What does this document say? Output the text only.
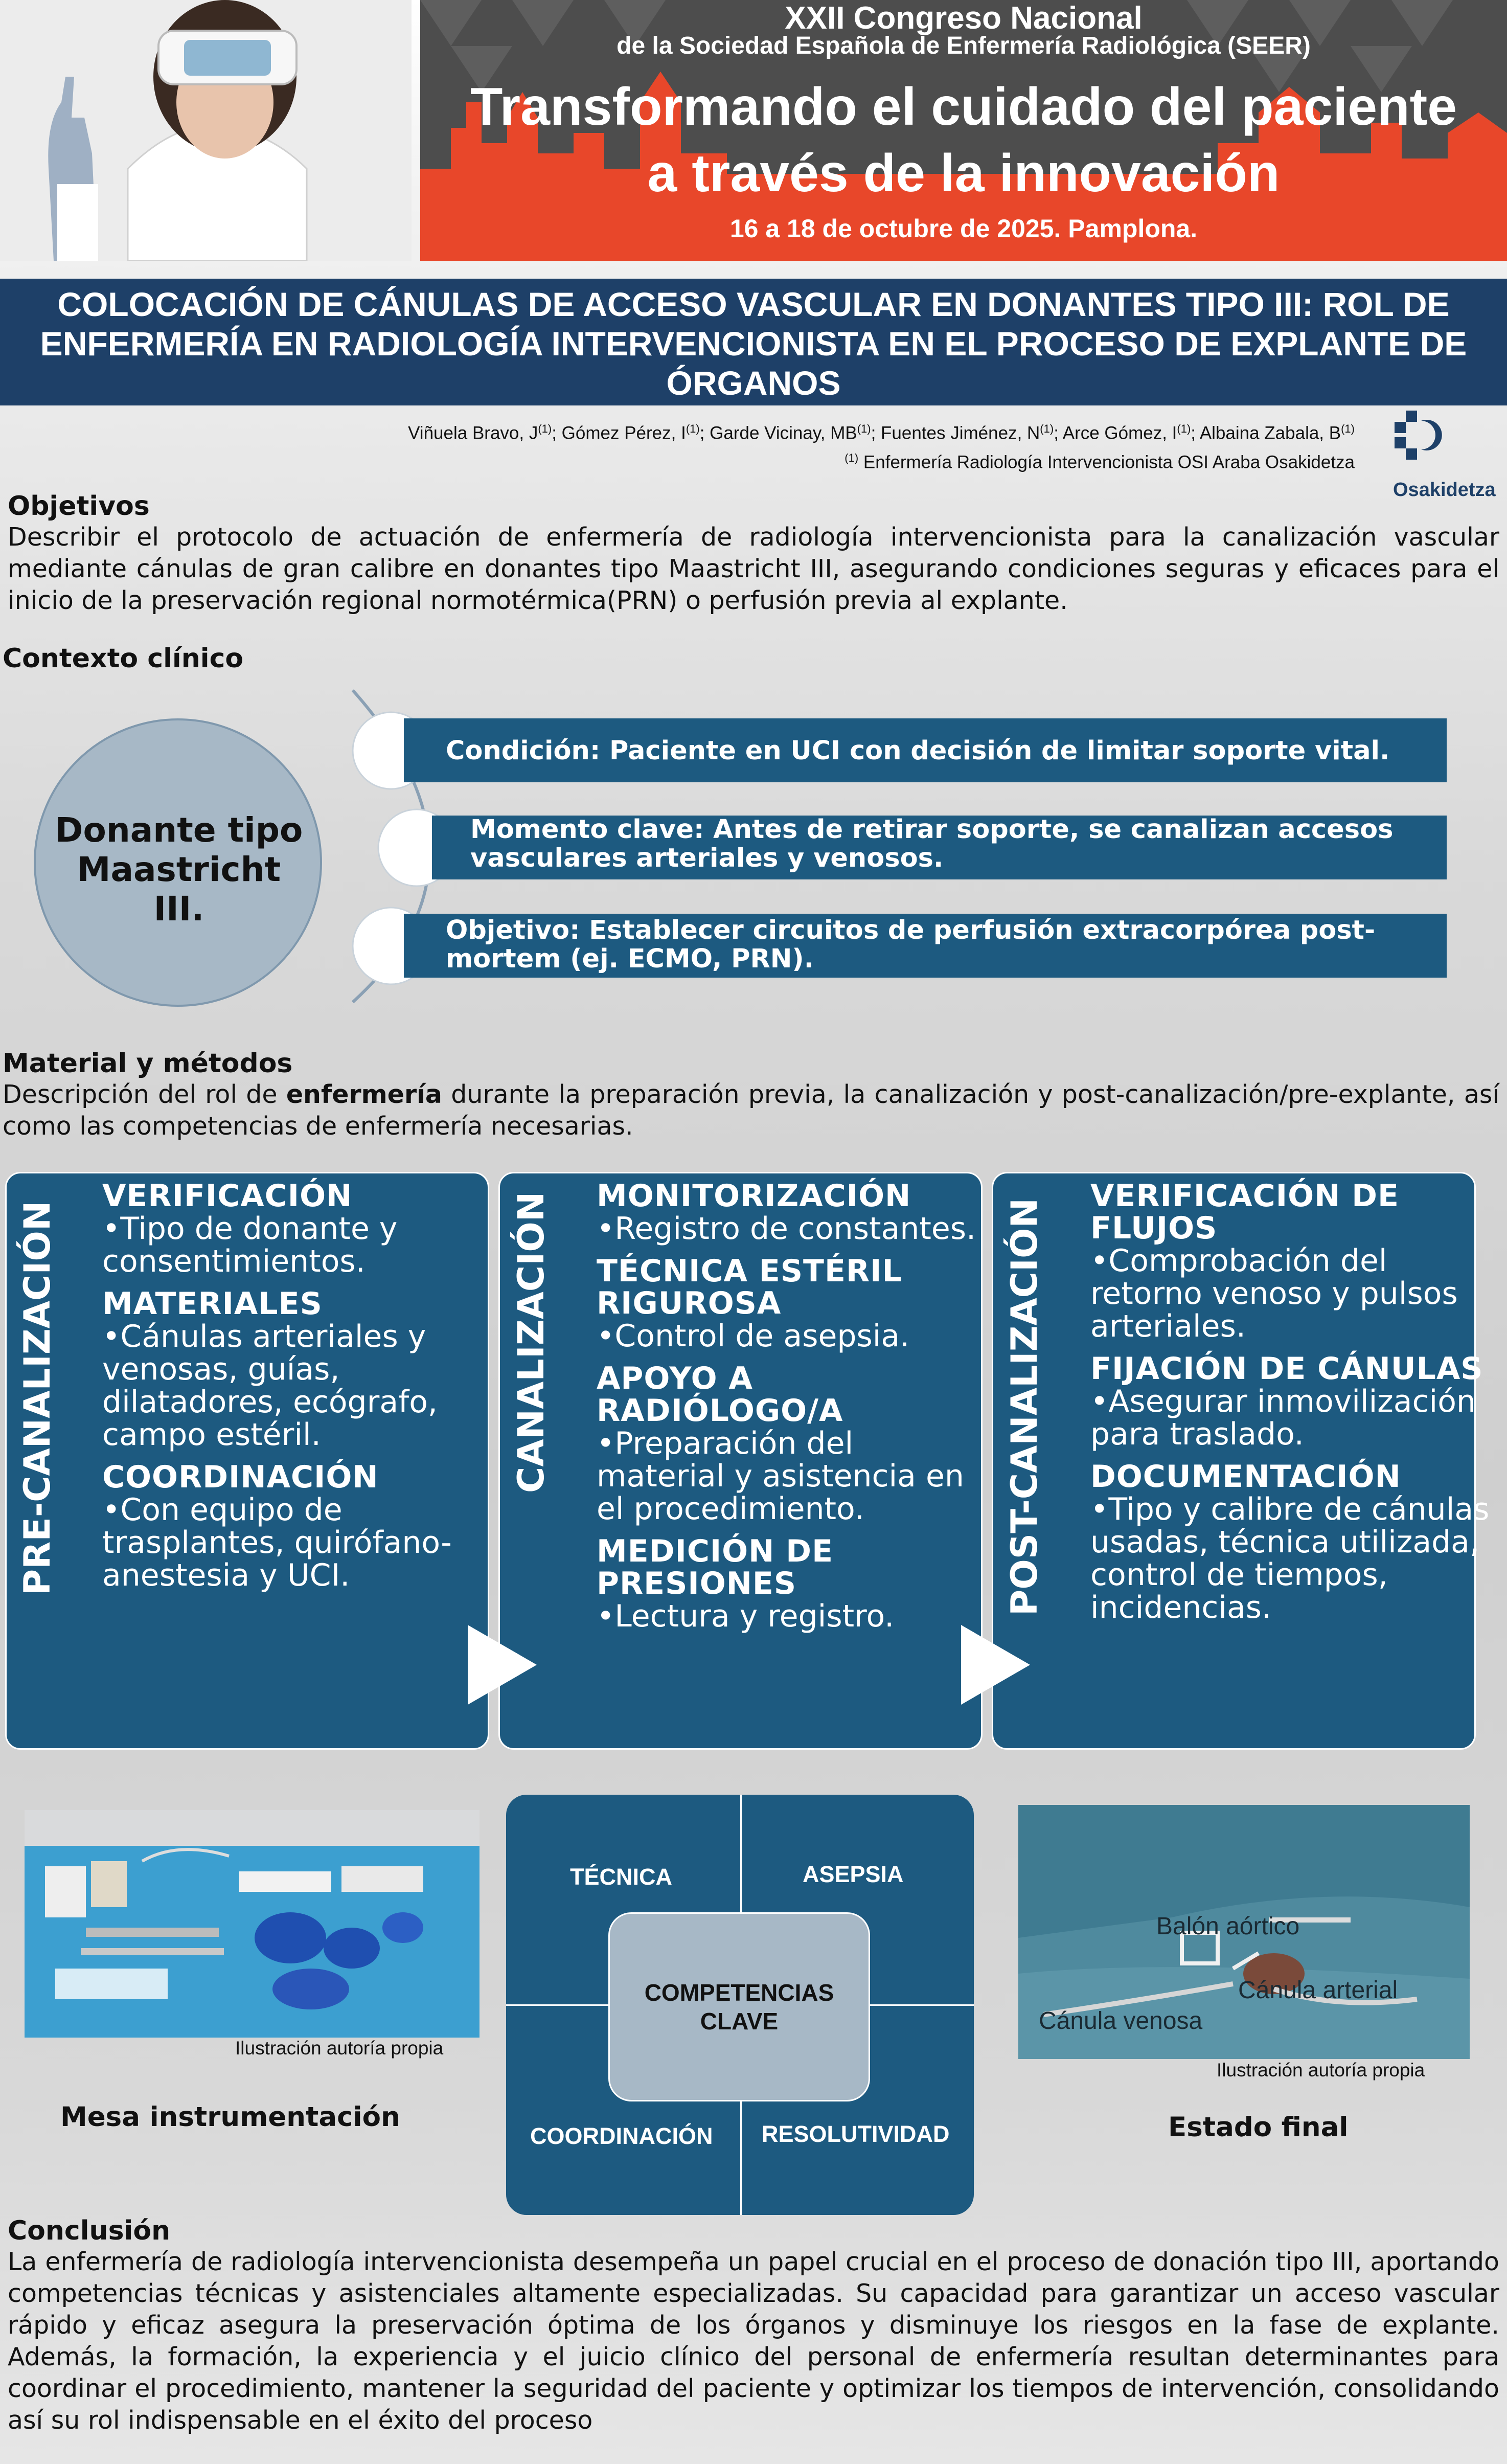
XXII Congreso Nacional
de la Sociedad Española de Enfermería Radiológica (SEER)
Transformando el cuidado del paciente
a través de la innovación
16 a 18 de octubre de 2025. Pamplona.
COLOCACIÓN DE CÁNULAS DE ACCESO VASCULAR EN DONANTES TIPO III: ROL DE ENFERMERÍA EN RADIOLOGÍA INTERVENCIONISTA EN EL PROCESO DE EXPLANTE DE ÓRGANOS
Viñuela Bravo, $J^{(1)}$; Gómez Pérez, $I^{(1)}$; Garde Vicinay, MB$^{(1)}$; Fuentes Jiménez, $N^{(1)}$; Arce Gómez, $I^{(1)}$; Albaina Zabala, $B^{(1)}$
$^{(1)}$ Enfermería Radiología Intervencionista OSI Araba Osakidetza
Osakidetza
Objetivos
Describir el protocolo de actuación de enfermería de radiología intervencionista para la canalización vascular mediante cánulas de gran calibre en donantes tipo Maastricht III, asegurando condiciones seguras y eficaces para el inicio de la preservación regional normotérmica(PRN) o perfusión previa al explante.
Contexto clínico
Donante tipo Maastricht III.
Condición: Paciente en UCI con decisión de limitar soporte vital.
Momento clave: Antes de retirar soporte, se canalizan accesos vasculares arteriales y venosos.
Objetivo: Establecer circuitos de perfusión extracorpórea post-mortem (ej. ECMO, PRN).
Material y métodos
Descripción del rol de enfermería durante la preparación previa, la canalización y post-canalización/pre-explante, así como las competencias de enfermería necesarias.
PRE-CANALIZACIÓN	CANALIZACIÓN	POST-CANALIZACIÓN

VERIFICACIÓN

•Tipo de donante y consentimientos.

MATERIALES

•Cánulas arteriales y venosas, guías, dilatadores, ecógrafo, campo estéril.

COORDINACIÓN

•Con equipo de trasplantes, quirófano-anestesia y UCI.

MONITORIZACIÓN

•Registro de constantes.

TÉCNICA ESTÉRIL RIGUROSA

•Control de asepsia.

APOYO A RADIÓLOGO/A

•Preparación del material y asistencia en el procedimiento.

MEDICIÓN DE PRESIONES

•Lectura y registro.

VERIFICACIÓN DE FLUJOS

•Comprobación del retorno venoso y pulsos arteriales.

FIJACIÓN DE CÁNULAS

•Asegurar inmovilización para traslado.

DOCUMENTACIÓN

•Tipo y calibre de cánulas usadas, técnica utilizada, control de tiempos, incidencias.

Ilustración autoría propia
Mesa instrumentación
TÉCNICA	ASEPSIA
COORDINACIÓN RESOLUTIVIDAD
COMPETENCIAS CLAVE
Balón aórtico
Cánula arterial
Cánula venosa
Ilustración autoría propia
Estado final
Conclusión
La enfermería de radiología intervencionista desempeña un papel crucial en el proceso de donación tipo III, aportando competencias técnicas y asistenciales altamente especializadas. Su capacidad para garantizar un acceso vascular rápido y eficaz asegura la preservación óptima de los órganos y disminuye los riesgos en la fase de explante. Además, la formación, la experiencia y el juicio clínico del personal de enfermería resultan determinantes para coordinar el procedimiento, mantener la seguridad del paciente y optimizar los tiempos de intervención, consolidando así su rol indispensable en el éxito del proceso
